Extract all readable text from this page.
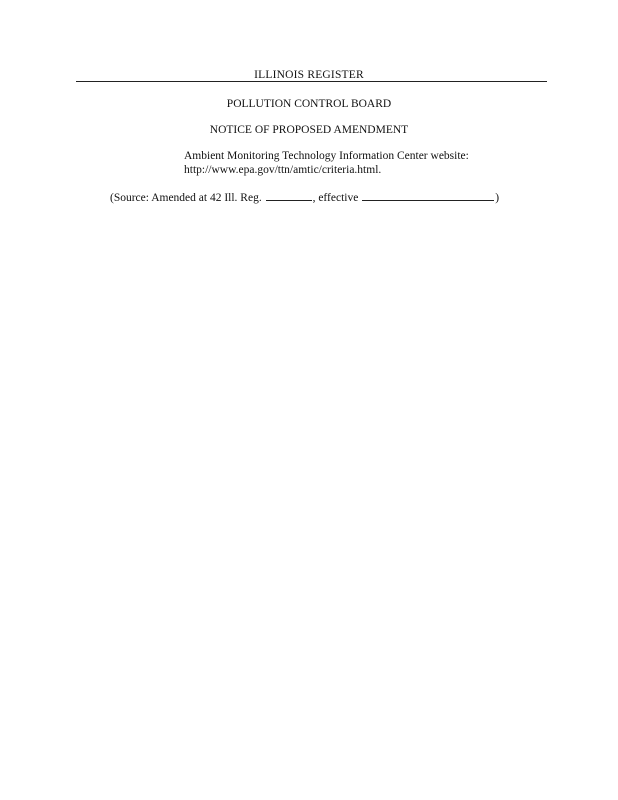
ILLINOIS REGISTER
POLLUTION CONTROL BOARD
NOTICE OF PROPOSED AMENDMENT
Ambient Monitoring Technology Information Center website:
http://www.epa.gov/ttn/amtic/criteria.html.
(Source: Amended at 42 Ill. Reg.	, effective	)
